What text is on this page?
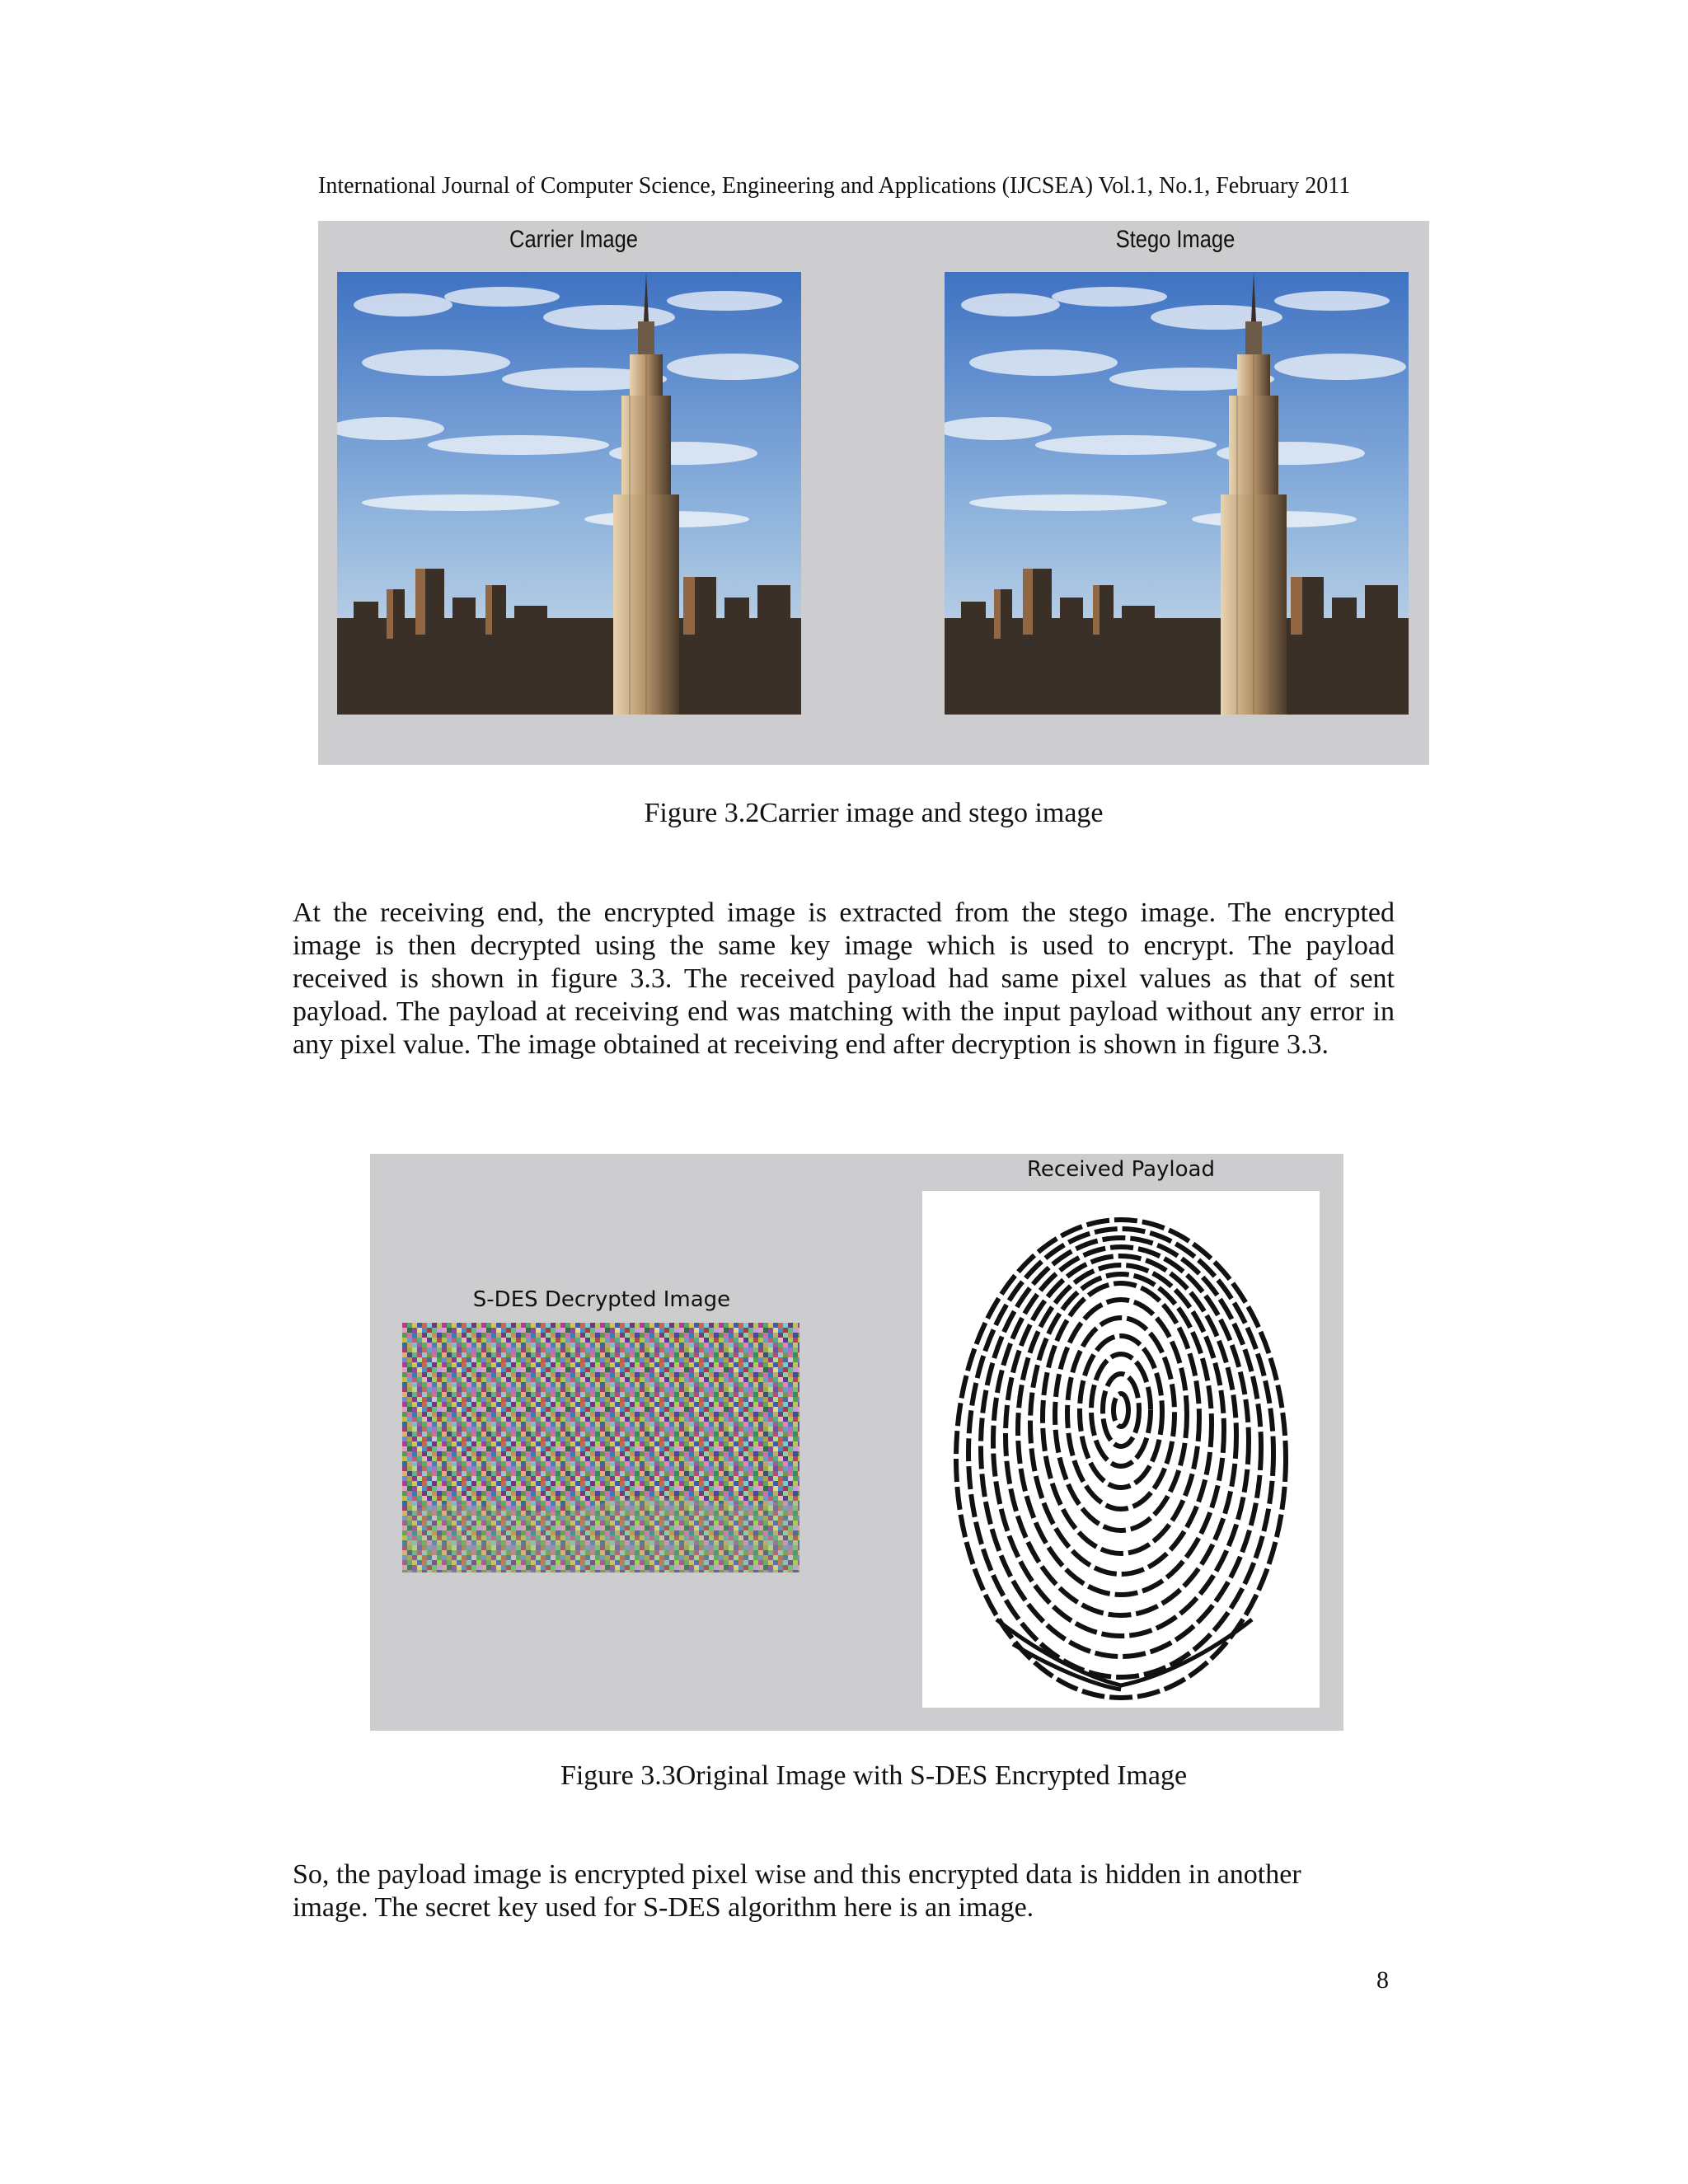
International Journal of Computer Science, Engineering and Applications (IJCSEA) Vol.1, No.1, February 2011
Carrier Image	Stego Image
Figure 3.2Carrier image and stego image
At the receiving end, the encrypted image is extracted from the stego image. The encrypted
image is then decrypted using the same key image which is used to encrypt. The payload
received is shown in figure 3.3. The received payload had same pixel values as that of sent
payload. The payload at receiving end was matching with the input payload without any error in
any pixel value. The image obtained at receiving end after decryption is shown in figure 3.3.
S-DES Decrypted Image
Received Payload
Figure 3.3Original Image with S-DES Encrypted Image
So, the payload image is encrypted pixel wise and this encrypted data is hidden in another
image. The secret key used for S-DES algorithm here is an image.
8
